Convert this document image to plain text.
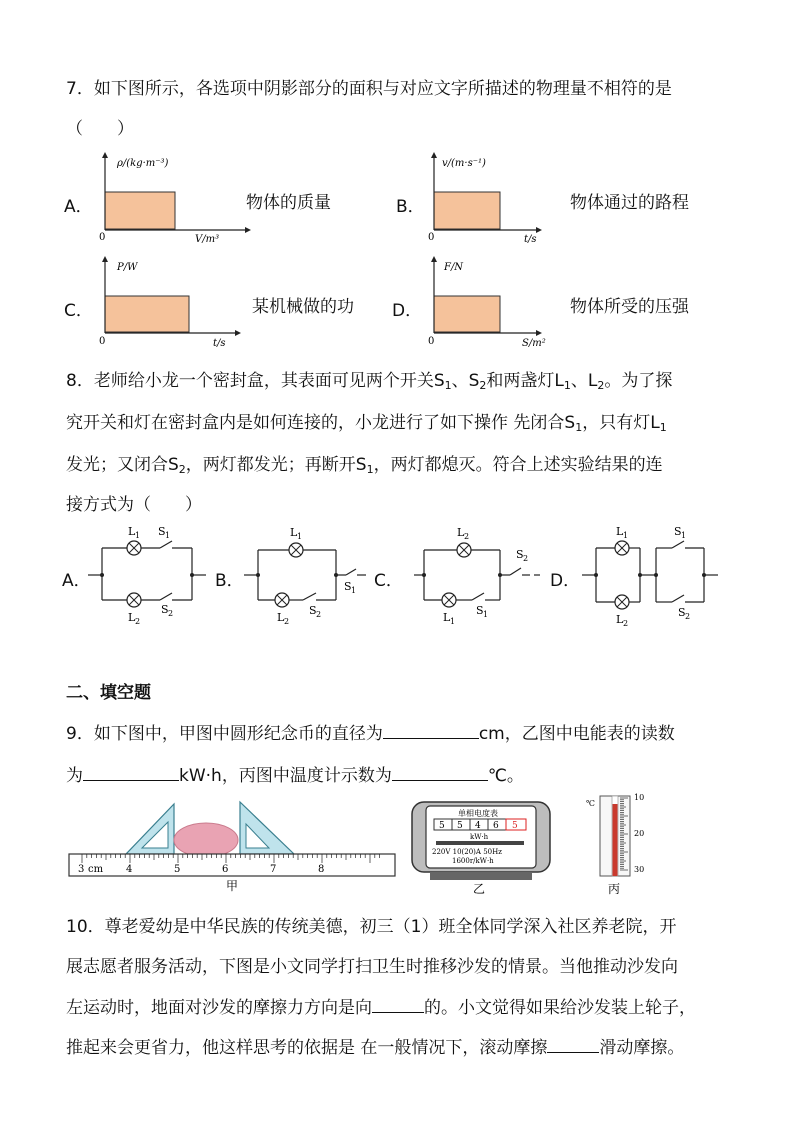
7．如下图所示，各选项中阴影部分的面积与对应文字所描述的物理量不相符的是
（　　）
A．
ρ/(kg·m⁻³)
V/m³
0
物体的质量	B．
v/(m·s⁻¹)
t/s
0
物体通过的路程
C．
P/W
t/s
0
某机械做的功 D．
F/N
S/m²
0
物体所受的压强
8．老师给小龙一个密封盒，其表面可见两个开关$S_1$、$S_2$和两盏灯$L_1$、$L_2$。为了探
究开关和灯在密封盒内是如何连接的，小龙进行了如下操作 先闭合$S_1$，只有灯$L_1$
发光；又闭合$S_2$，两灯都发光；再断开$S_1$，两灯都熄灭。符合上述实验结果的连
接方式为（　　）
A．
L 1 S 1
L 2
S 2
B．
L 1
L 2
S 2
S 1 C．
L 2
L 1
S 1
S 2
D．
L 1
L 2
S 1
S 2
二、填空题
9．如下图中，甲图中圆形纪念币的直径为	cm，乙图中电能表的读数
为	kW·h，丙图中温度计示数为	℃。
3 cm 4	5	6	7	8
甲
单相电度表
5 5 4 6 5
kW·h
220V 10(20)A 50Hz
1600r/kW·h
乙
℃
10
20
30
丙
10．尊老爱幼是中华民族的传统美德，初三（1）班全体同学深入社区养老院，开
展志愿者服务活动，下图是小文同学打扫卫生时推移沙发的情景。当他推动沙发向
左运动时，地面对沙发的摩擦力方向是向	的。小文觉得如果给沙发装上轮子，
推起来会更省力，他这样思考的依据是 在一般情况下，滚动摩擦	滑动摩擦。
